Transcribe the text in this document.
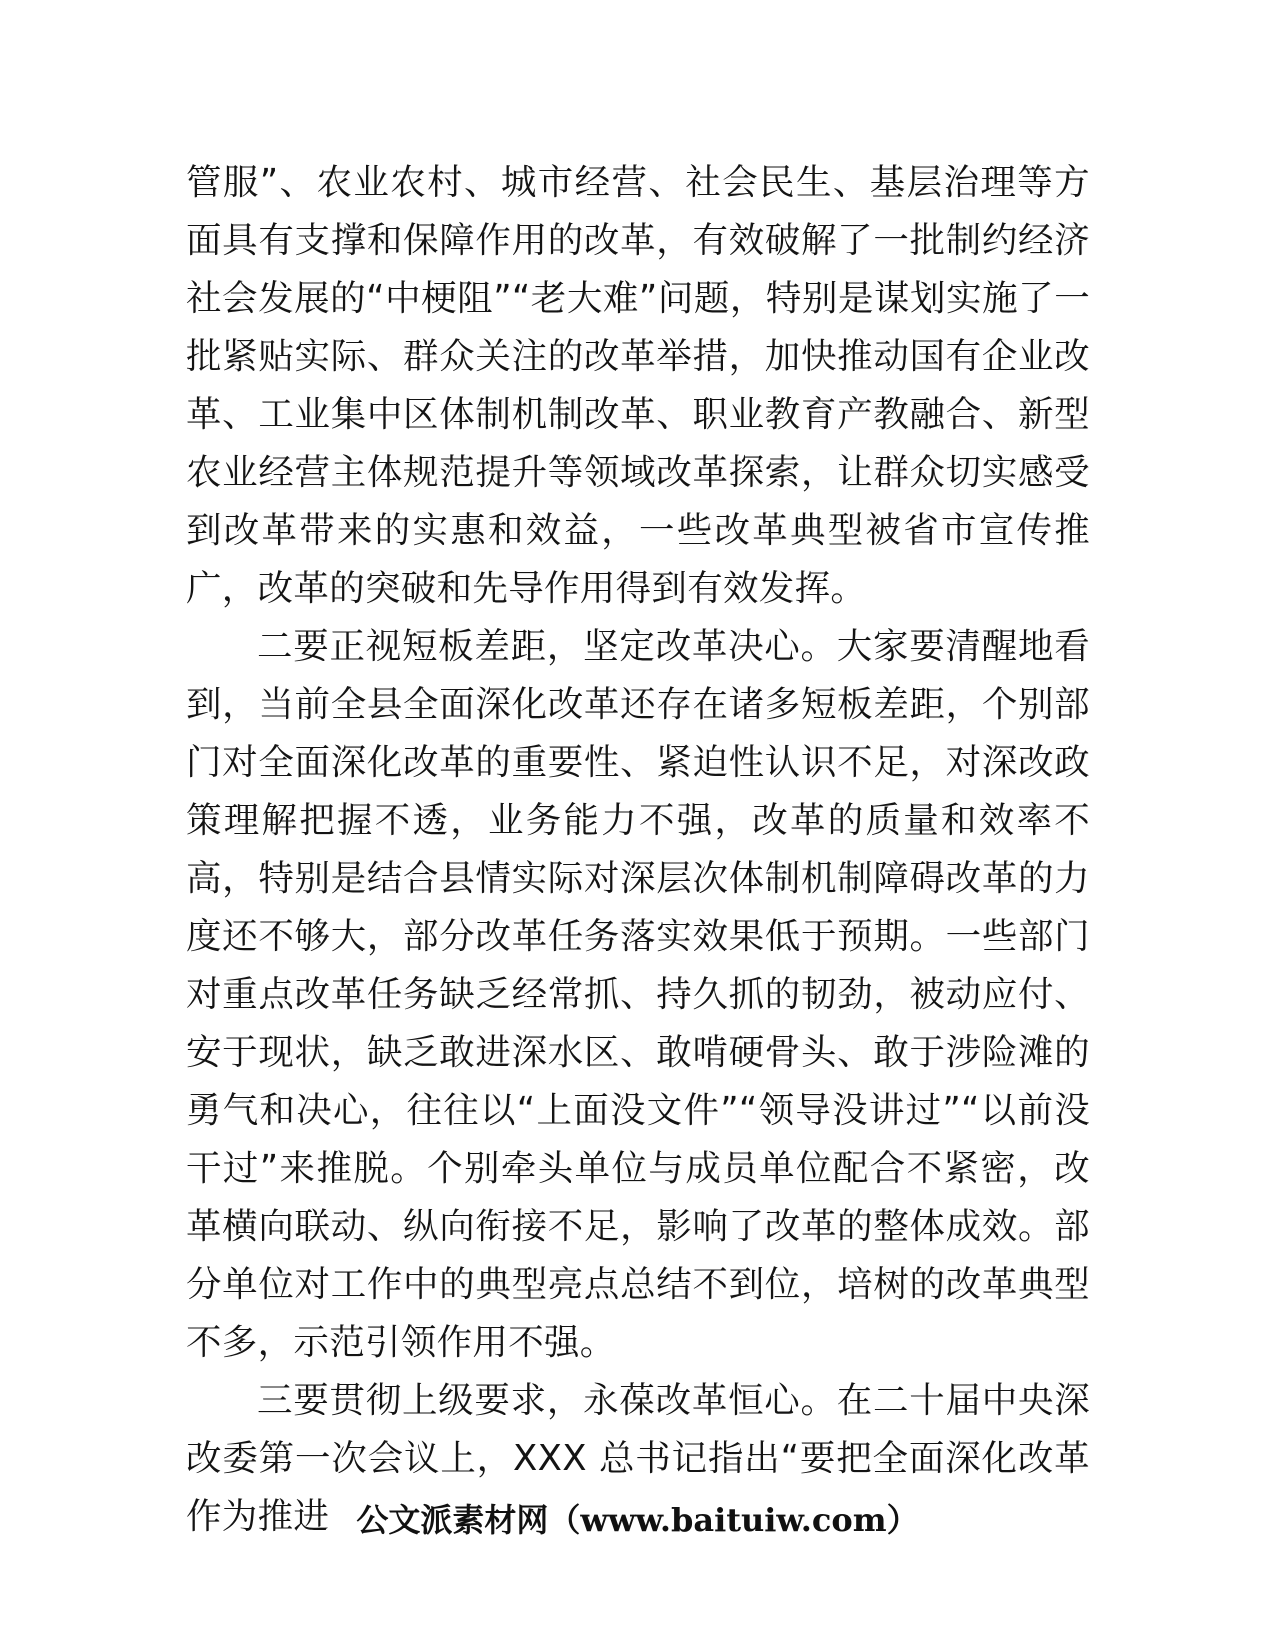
管服”、农业农村、城市经营、社会民生、基层治理等方面具有支撑和保障作用的改革，有效破解了一批制约经济社会发展的“中梗阻”“老大难”问题，特别是谋划实施了一批紧贴实际、群众关注的改革举措，加快推动国有企业改革、工业集中区体制机制改革、职业教育产教融合、新型农业经营主体规范提升等领域改革探索，让群众切实感受到改革带来的实惠和效益，一些改革典型被省市宣传推广，改革的突破和先导作用得到有效发挥。

二要正视短板差距，坚定改革决心。大家要清醒地看到，当前全县全面深化改革还存在诸多短板差距，个别部门对全面深化改革的重要性、紧迫性认识不足，对深改政策理解把握不透，业务能力不强，改革的质量和效率不高，特别是结合县情实际对深层次体制机制障碍改革的力度还不够大，部分改革任务落实效果低于预期。一些部门对重点改革任务缺乏经常抓、持久抓的韧劲，被动应付、安于现状，缺乏敢进深水区、敢啃硬骨头、敢于涉险滩的勇气和决心，往往以“上面没文件”“领导没讲过”“以前没干过”来推脱。个别牵头单位与成员单位配合不紧密，改革横向联动、纵向衔接不足，影响了改革的整体成效。部分单位对工作中的典型亮点总结不到位，培树的改革典型不多，示范引领作用不强。

三要贯彻上级要求，永葆改革恒心。在二十届中央深改委第一次会议上，XXX 总书记指出“要把全面深化改革作为推进 公文派素材网（www.baituiw.com）
